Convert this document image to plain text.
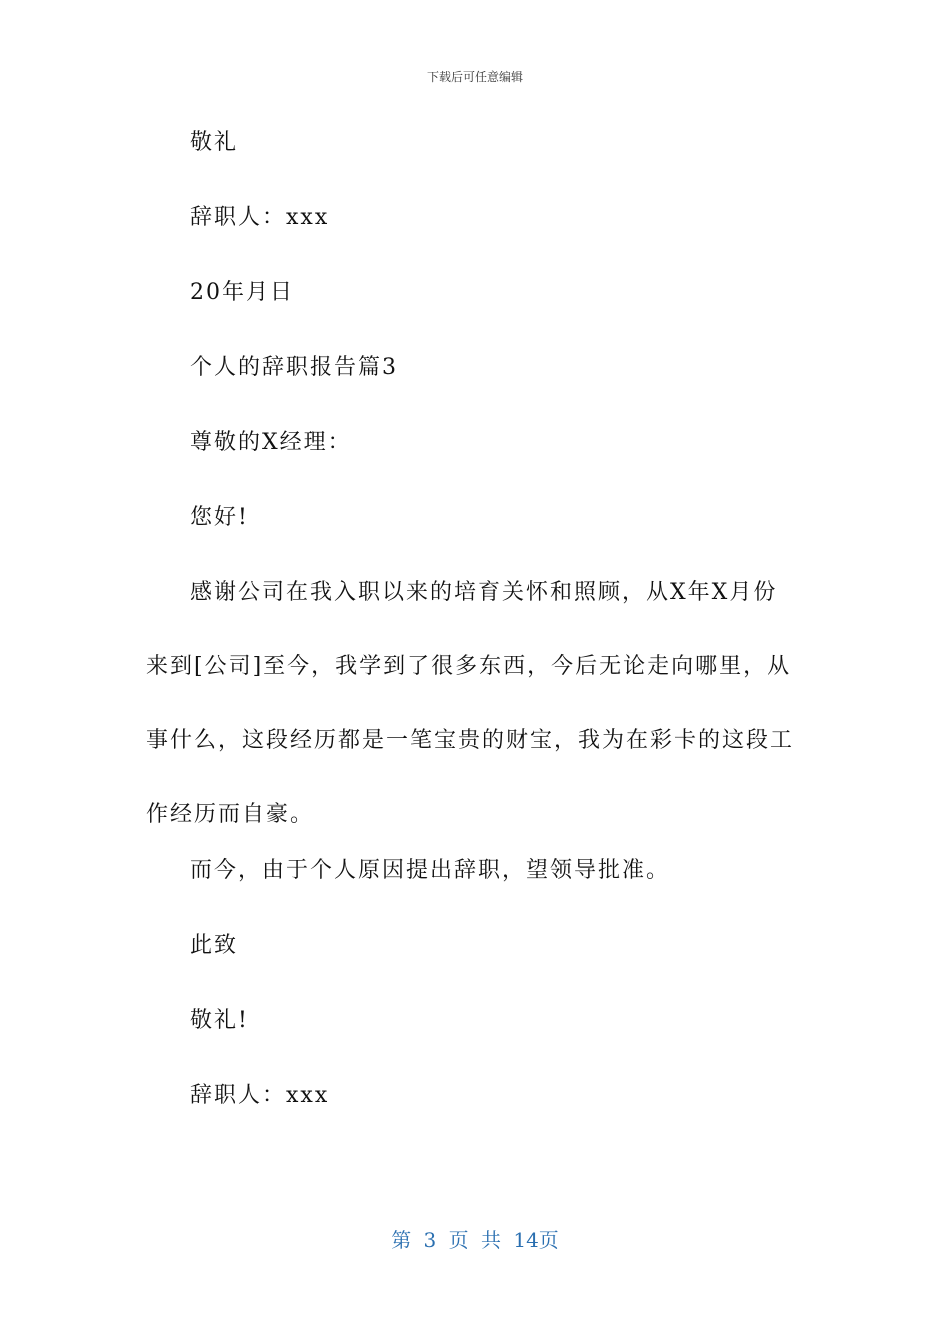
下载后可任意编辑

敬礼

辞职人：xxx

20年月日

个人的辞职报告篇3

尊敬的X经理：

您好!

感谢公司在我入职以来的培育关怀和照顾，从X年X月份来到[公司]至今，我学到了很多东西，今后无论走向哪里，从事什么，这段经历都是一笔宝贵的财宝，我为在彩卡的这段工作经历而自豪。

而今，由于个人原因提出辞职，望领导批准。

此致

敬礼!

辞职人：xxx

第 3 页 共 14页
